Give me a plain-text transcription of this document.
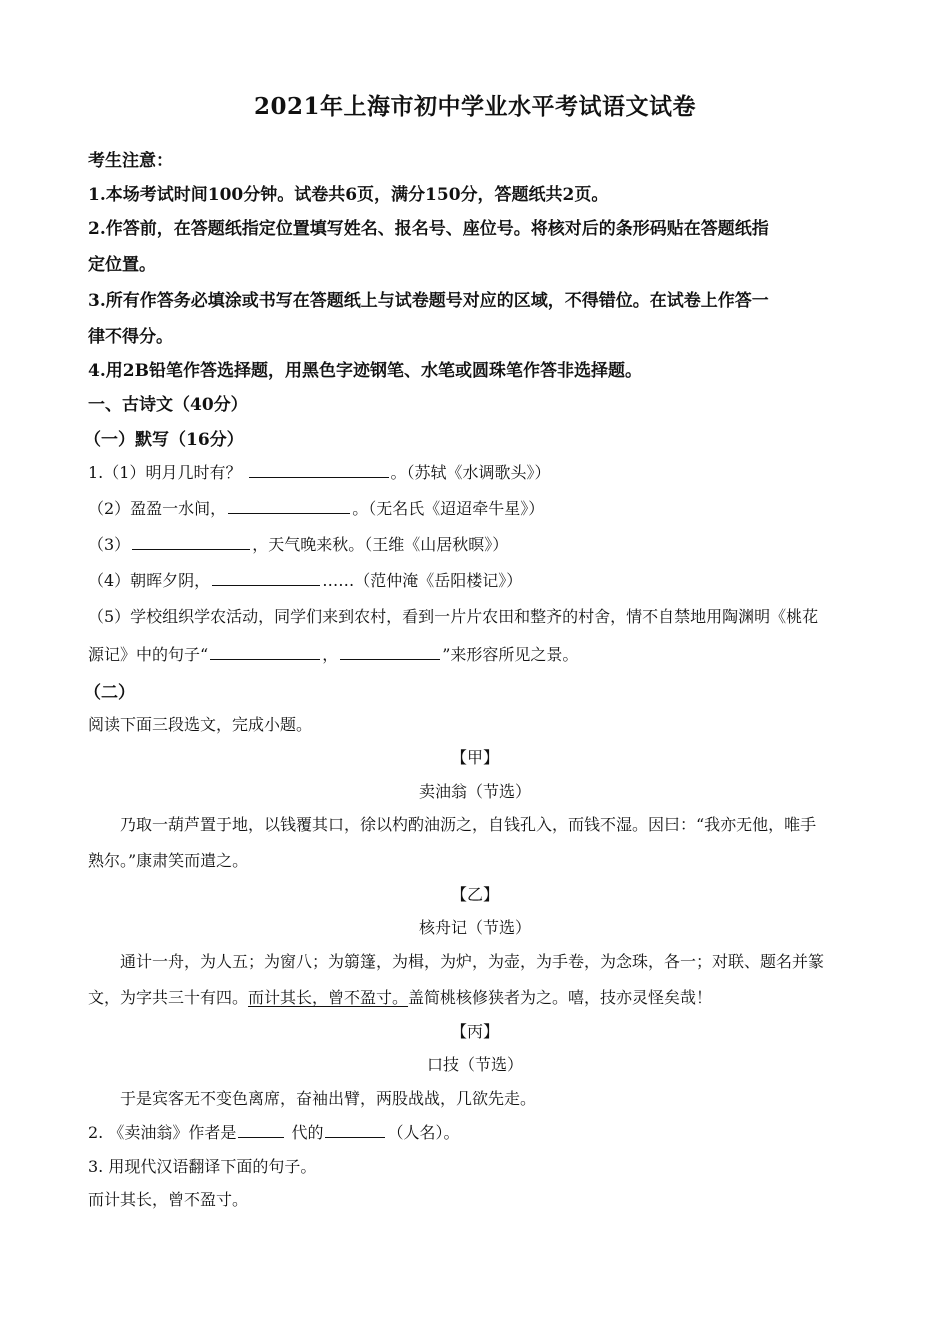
2021年上海市初中学业水平考试语文试卷
考生注意：
1.本场考试时间100分钟。试卷共6页，满分150分，答题纸共2页。
2.作答前，在答题纸指定位置填写姓名、报名号、座位号。将核对后的条形码贴在答题纸指
定位置。
3.所有作答务必填涂或书写在答题纸上与试卷题号对应的区域，不得错位。在试卷上作答一
律不得分。
4.用2B铅笔作答选择题，用黑色字迹钢笔、水笔或圆珠笔作答非选择题。
一、古诗文（40分）
（一）默写（16分）
1.（1）明月几时有？	。（苏轼《水调歌头》）
（2）盈盈一水间，	。（无名氏《迢迢牵牛星》）
（3）	，天气晚来秋。（王维《山居秋暝》）
（4）朝晖夕阴，	……（范仲淹《岳阳楼记》）
（5）学校组织学农活动，同学们来到农村，看到一片片农田和整齐的村舍，情不自禁地用陶渊明《桃花
源记》中的句子“	，	”来形容所见之景。
（二）
阅读下面三段选文，完成小题。
【甲】
卖油翁（节选）
乃取一葫芦置于地，以钱覆其口，徐以杓酌油沥之，自钱孔入，而钱不湿。因曰：“我亦无他，唯手
熟尔。”康肃笑而遣之。
【乙】
核舟记（节选）
通计一舟，为人五；为窗八；为篛篷，为楫，为炉，为壶，为手卷，为念珠，各一；对联、题名并篆
文，为字共三十有四。而计其长，曾不盈寸。盖简桃核修狭者为之。嘻，技亦灵怪矣哉！
【丙】
口技（节选）
于是宾客无不变色离席，奋袖出臂，两股战战，几欲先走。
2. 《卖油翁》作者是	代的	（人名）。
3. 用现代汉语翻译下面的句子。
而计其长，曾不盈寸。
